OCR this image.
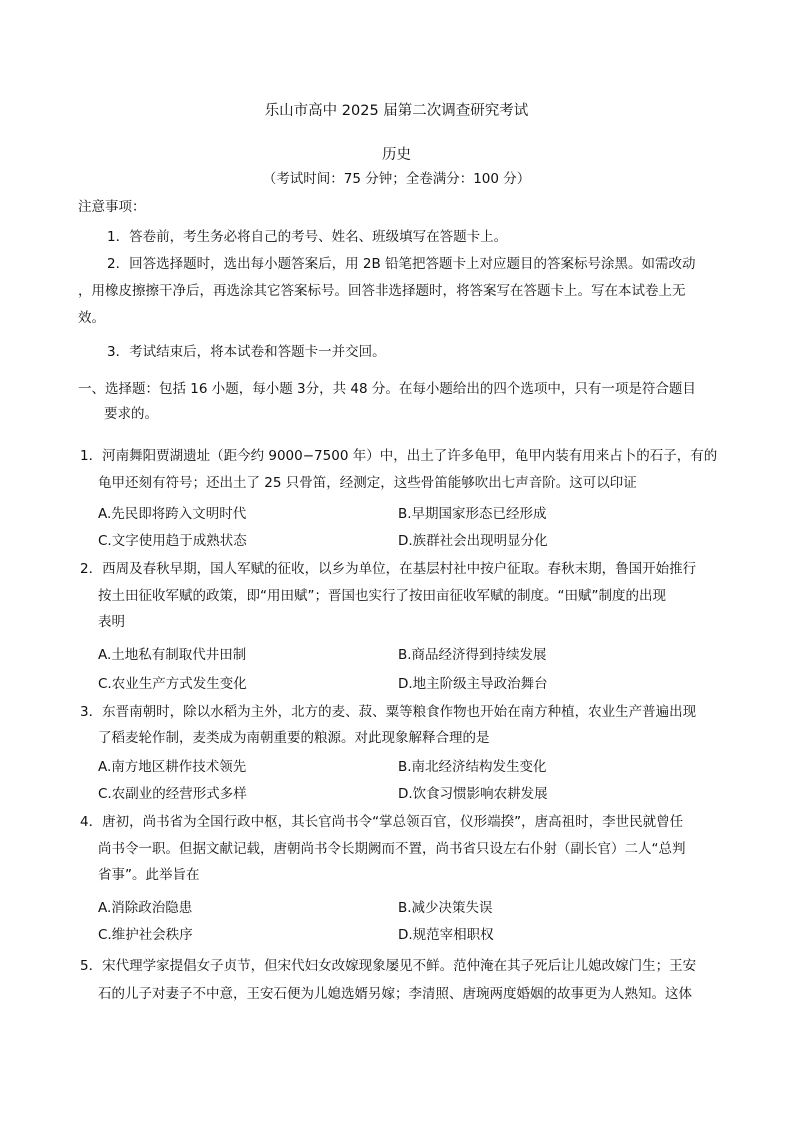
乐山市高中 2025 届第二次调查研究考试
历史
（考试时间：75 分钟；全卷满分：100 分）
注意事项：
1．答卷前，考生务必将自己的考号、姓名、班级填写在答题卡上。
2．回答选择题时，选出每小题答案后，用 2B 铅笔把答题卡上对应题目的答案标号涂黑。如需改动
，用橡皮擦擦干净后，再选涂其它答案标号。回答非选择题时，将答案写在答题卡上。写在本试卷上无
效。
3．考试结束后，将本试卷和答题卡一并交回。
一、选择题：包括 16 小题，每小题 3分，共 48 分。在每小题给出的四个选项中，只有一项是符合题目
要求的。
1．河南舞阳贾湖遗址（距今约 9000−7500 年）中，出土了许多龟甲，龟甲内装有用来占卜的石子，有的
龟甲还刻有符号；还出土了 25 只骨笛，经测定，这些骨笛能够吹出七声音阶。这可以印证
A.先民即将跨入文明时代	B.早期国家形态已经形成
C.文字使用趋于成熟状态	D.族群社会出现明显分化
2．西周及春秋早期，国人军赋的征收，以乡为单位，在基层村社中按户征取。春秋末期，鲁国开始推行
按土田征收军赋的政策，即“用田赋”；晋国也实行了按田亩征收军赋的制度。“田赋”制度的出现
表明
A.土地私有制取代井田制	B.商品经济得到持续发展
C.农业生产方式发生变化	D.地主阶级主导政治舞台
3．东晋南朝时，除以水稻为主外，北方的麦、菽、粟等粮食作物也开始在南方种植，农业生产普遍出现
了稻麦轮作制，麦类成为南朝重要的粮源。对此现象解释合理的是
A.南方地区耕作技术领先	B.南北经济结构发生变化
C.农副业的经营形式多样	D.饮食习惯影响农耕发展
4．唐初，尚书省为全国行政中枢，其长官尚书令“掌总领百官，仪形端揆”，唐高祖时，李世民就曾任
尚书令一职。但据文献记载，唐朝尚书令长期阙而不置，尚书省只设左右仆射（副长官）二人“总判
省事”。此举旨在
A.消除政治隐患	B.减少决策失误
C.维护社会秩序	D.规范宰相职权
5．宋代理学家提倡女子贞节，但宋代妇女改嫁现象屡见不鲜。范仲淹在其子死后让儿媳改嫁门生；王安
石的儿子对妻子不中意，王安石便为儿媳选婿另嫁；李清照、唐琬两度婚姻的故事更为人熟知。这体
